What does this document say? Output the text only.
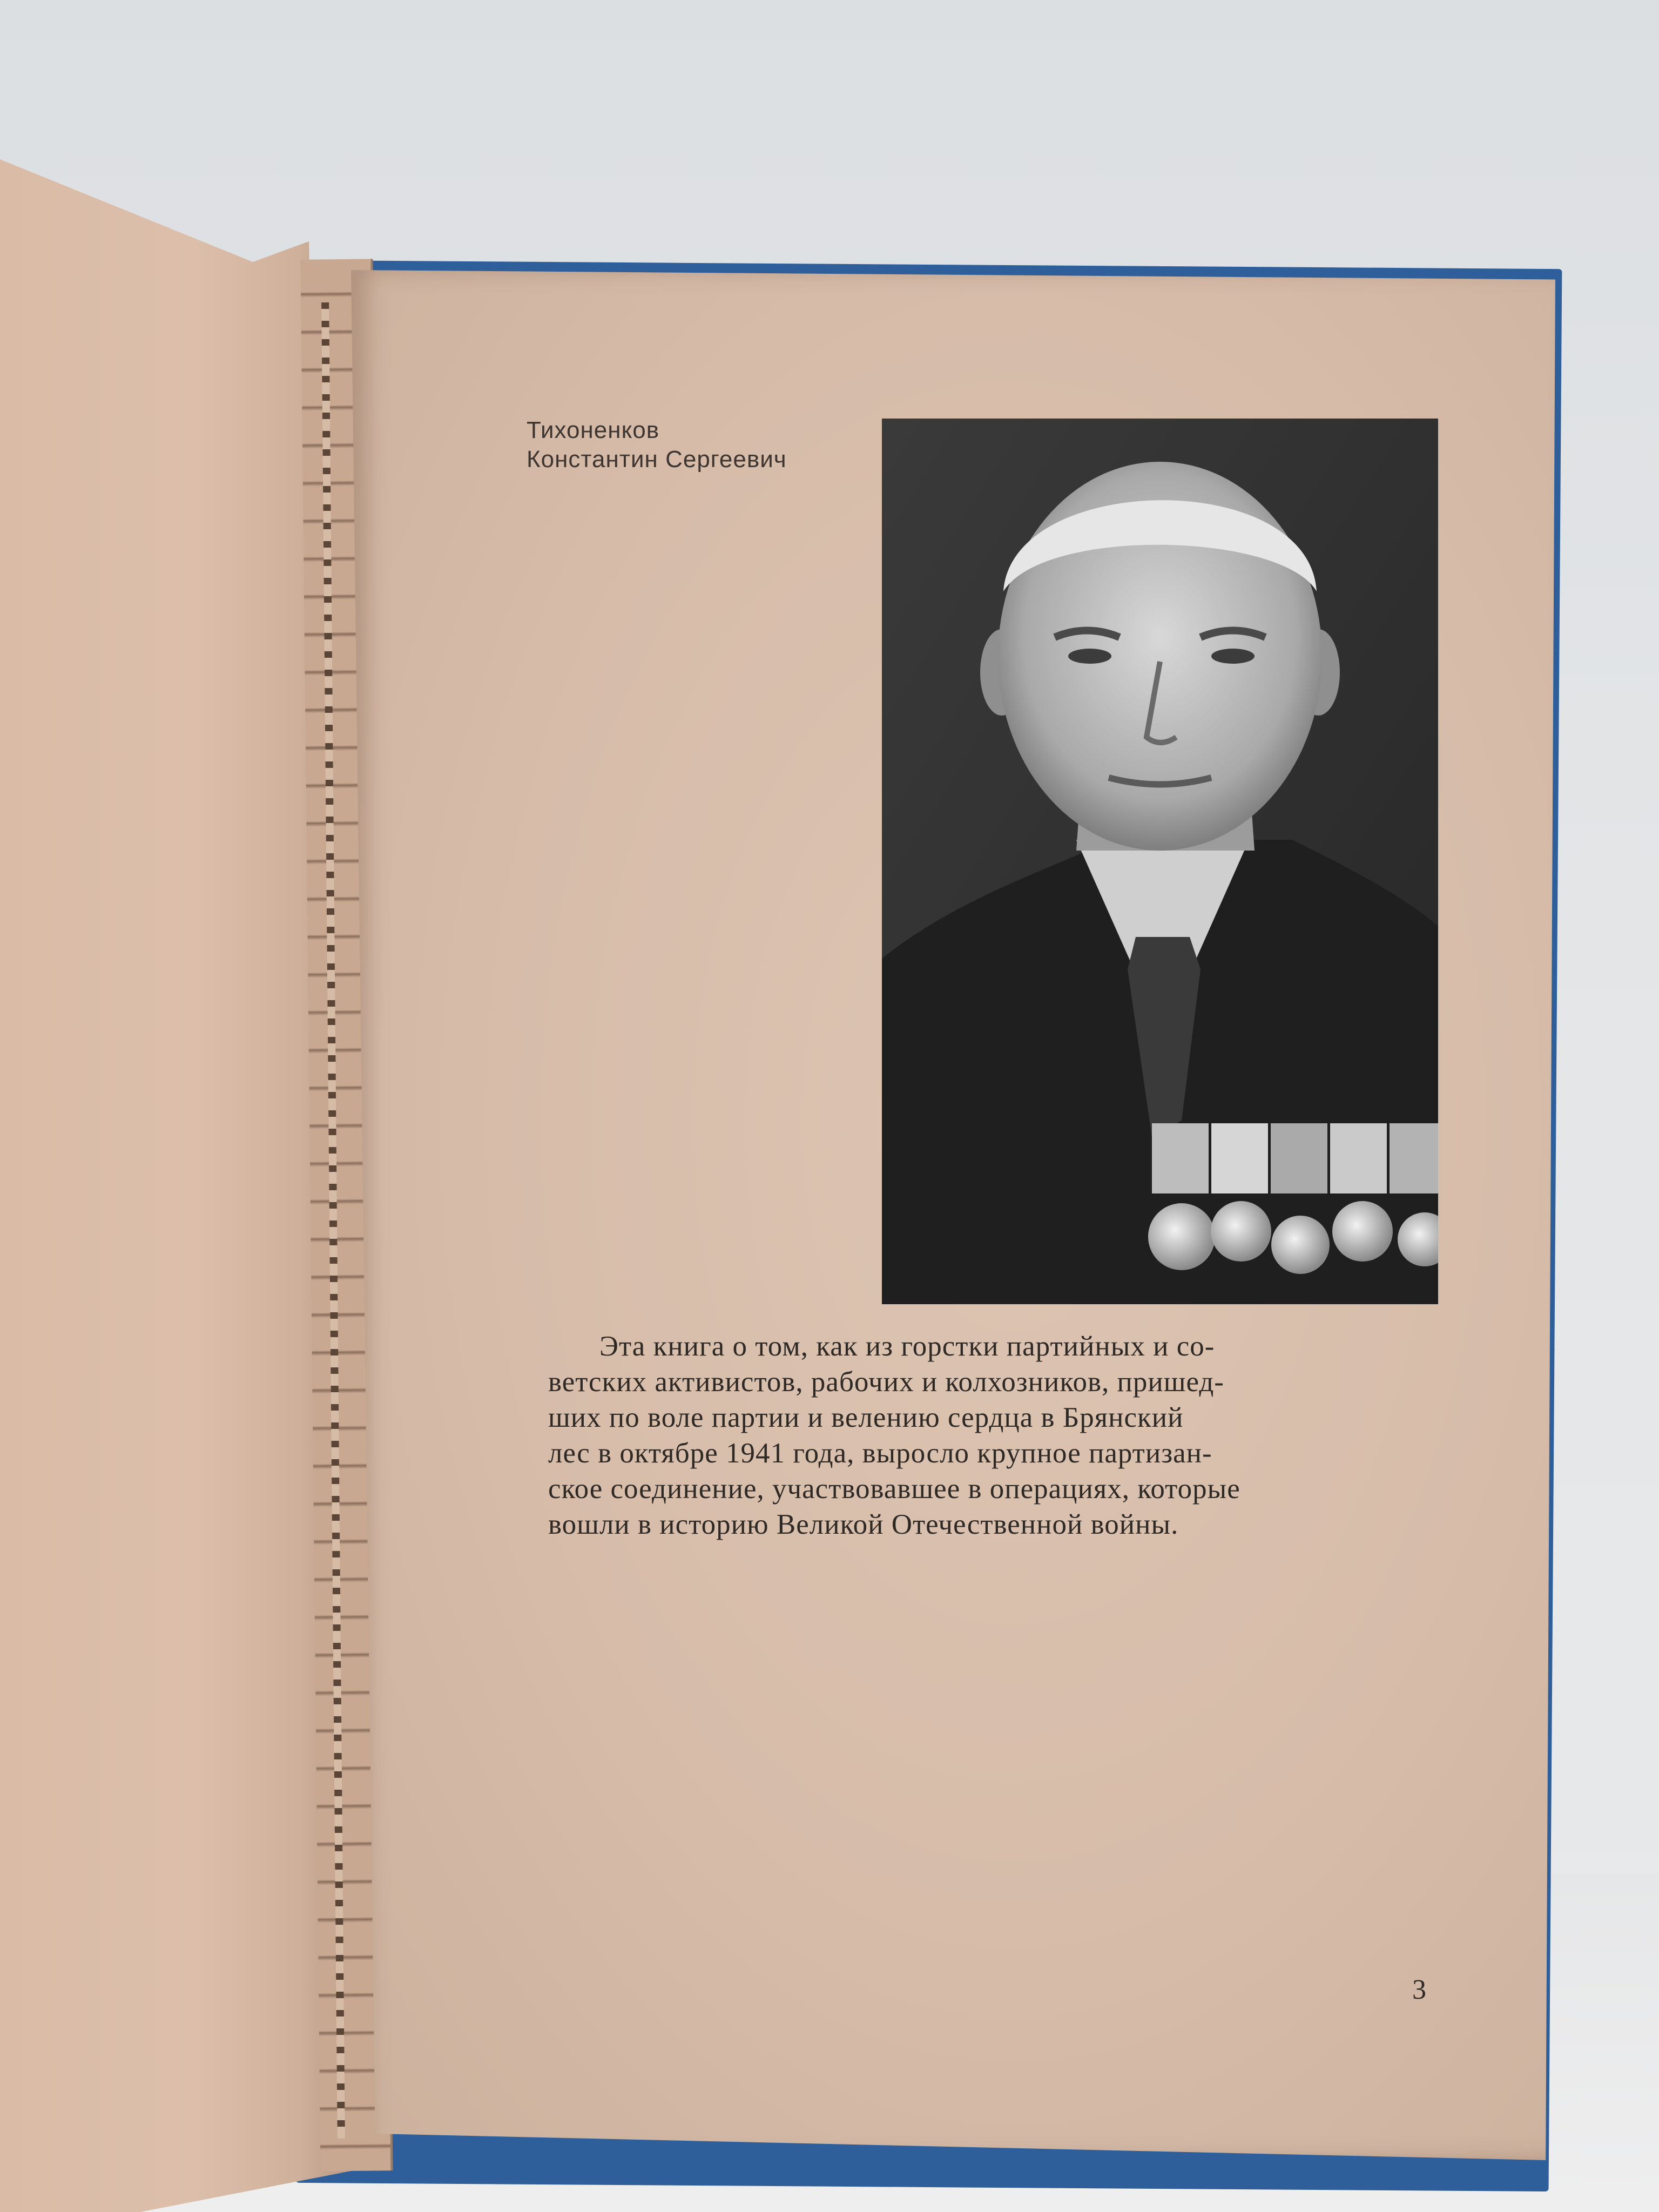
Тихоненков
Константин Сергеевич
Эта книга о том, как из горстки партийных и со-
ветских активистов, рабочих и колхозников, пришед-
ших по воле партии и велению сердца в Брянский
лес в октябре 1941 года, выросло крупное партизан-
ское соединение, участвовавшее в операциях, которые
вошли в историю Великой Отечественной войны.
3
